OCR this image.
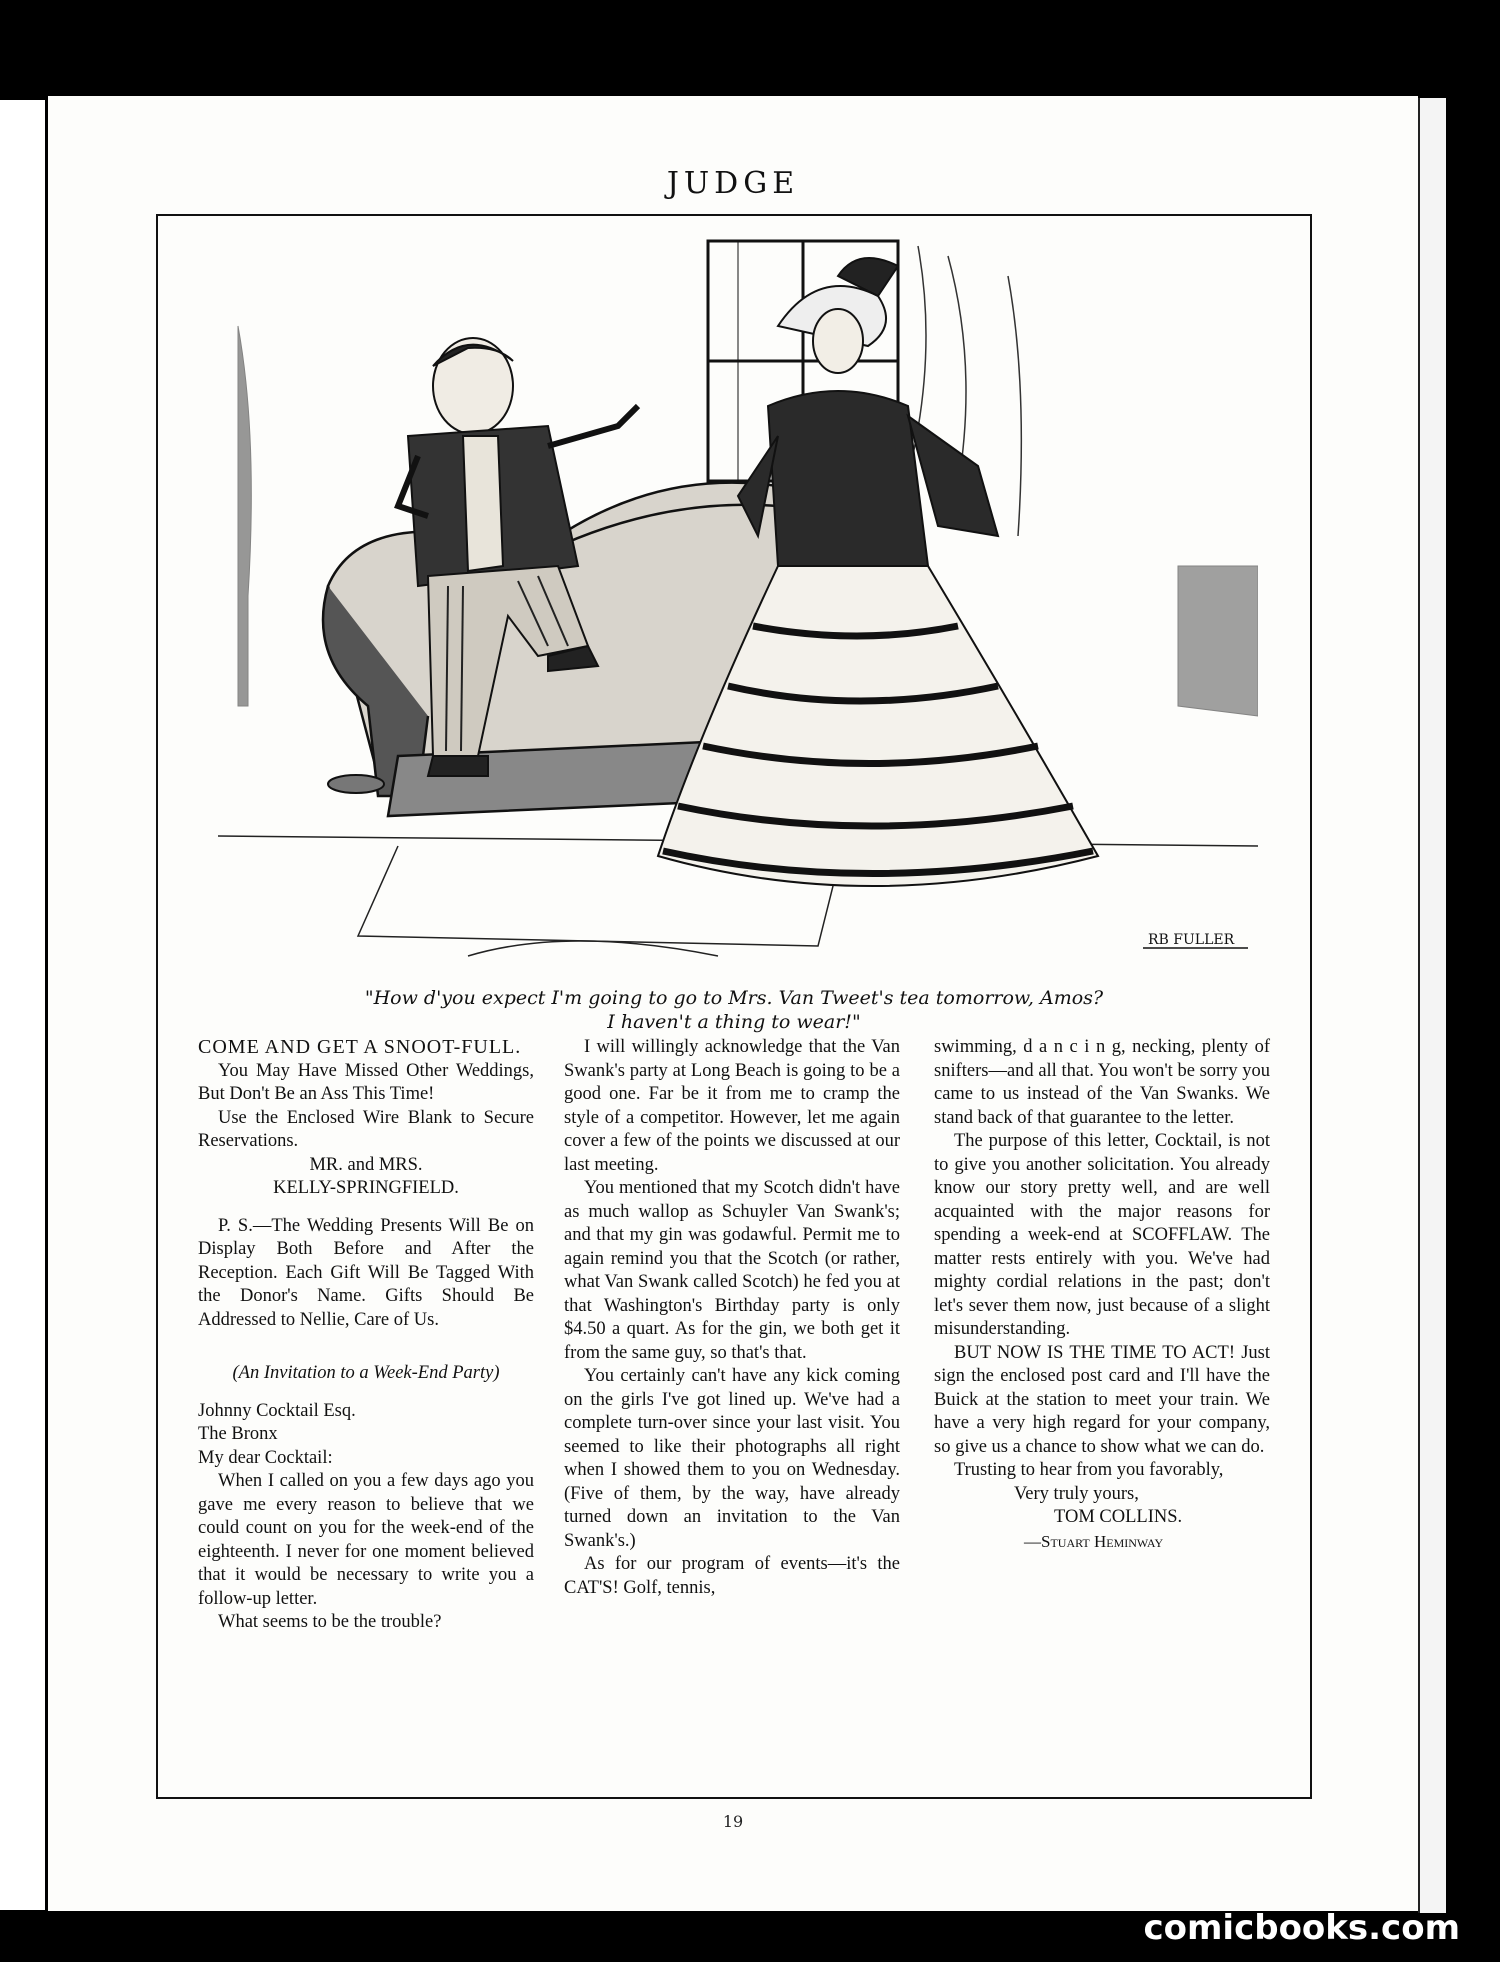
JUDGE
RB FULLER
"How d'you expect I'm going to go to Mrs. Van Tweet's tea tomorrow, Amos?
I haven't a thing to wear!"

COME AND GET A SNOOT-FULL.

You May Have Missed Other Weddings, But Don't Be an Ass This Time!

Use the Enclosed Wire Blank to Secure Reservations.

MR. and MRS.

KELLY-SPRINGFIELD.

P. S.—The Wedding Presents Will Be on Display Both Before and After the Reception. Each Gift Will Be Tagged With the Donor's Name. Gifts Should Be Addressed to Nellie, Care of Us.

(An Invitation to a Week-End Party)

Johnny Cocktail Esq.

The Bronx

My dear Cocktail:

When I called on you a few days ago you gave me every reason to believe that we could count on you for the week-end of the eighteenth. I never for one moment believed that it would be necessary to write you a follow-up letter.

What seems to be the trouble?

I will willingly acknowledge that the Van Swank's party at Long Beach is going to be a good one. Far be it from me to cramp the style of a competitor. However, let me again cover a few of the points we discussed at our last meeting.

You mentioned that my Scotch didn't have as much wallop as Schuyler Van Swank's; and that my gin was godawful. Permit me to again remind you that the Scotch (or rather, what Van Swank called Scotch) he fed you at that Washington's Birthday party is only $4.50 a quart. As for the gin, we both get it from the same guy, so that's that.

You certainly can't have any kick coming on the girls I've got lined up. We've had a complete turn-over since your last visit. You seemed to like their photographs all right when I showed them to you on Wednesday. (Five of them, by the way, have already turned down an invitation to the Van Swank's.)

As for our program of events—it's the CAT'S! Golf, tennis,

swimming, d a n c i n g, necking, plenty of snifters—and all that. You won't be sorry you came to us instead of the Van Swanks. We stand back of that guarantee to the letter.

The purpose of this letter, Cocktail, is not to give you another solicitation. You already know our story pretty well, and are well acquainted with the major reasons for spending a week-end at SCOFFLAW. The matter rests entirely with you. We've had mighty cordial relations in the past; don't let's sever them now, just because of a slight misunderstanding.

BUT NOW IS THE TIME TO ACT! Just sign the enclosed post card and I'll have the Buick at the station to meet your train. We have a very high regard for your company, so give us a chance to show what we can do.

Trusting to hear from you favorably,

Very truly yours,

TOM COLLINS.

—Stuart Heminway

19
comicbooks.com
